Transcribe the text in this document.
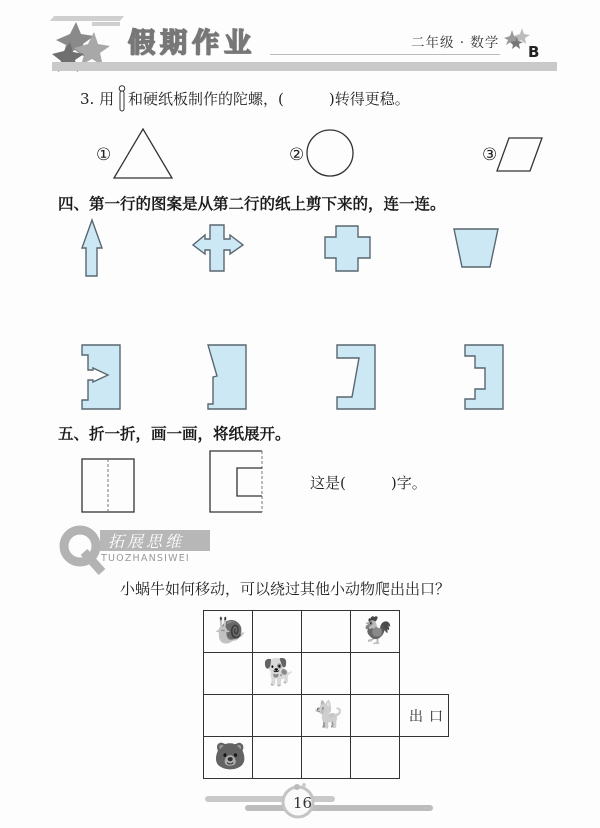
假期作业	二年级 · 数学 B
3. 用 和硬纸板制作的陀螺，(　　　)转得更稳。
①	②	③
四、第一行的图案是从第二行的纸上剪下来的，连一连。
五、折一折，画一画，将纸展开。
这是(　　　)字。
拓展思维
TUOZHANSIWEI
小蜗牛如何移动，可以绕过其他小动物爬出出口？
🐌	🐓
🐕
🐈
🐻
出口
16
